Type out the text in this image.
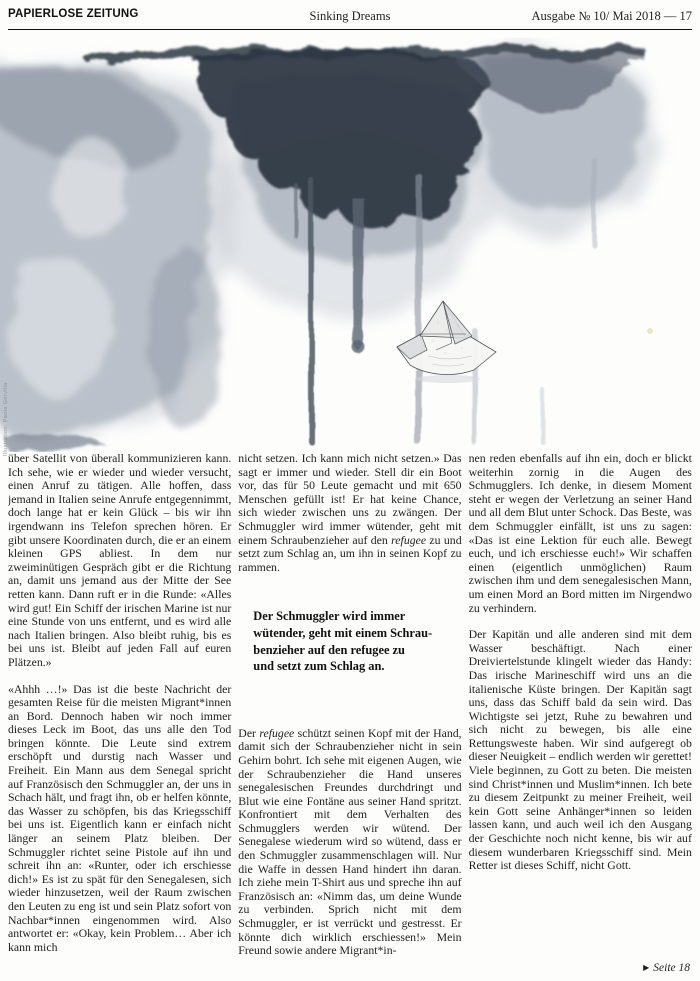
PAPIERLOSE ZEITUNG	Sinking Dreams	Ausgabe № 10/ Mai 2018 — 17
Illustration: Paola Gervilia

über Satellit von überall kommunizieren kann. Ich sehe, wie er wieder und wieder versucht, einen Anruf zu tätigen. Alle hoffen, dass jemand in Italien seine Anrufe entgegennimmt, doch lange hat er kein Glück – bis wir ihn irgendwann ins Telefon sprechen hören. Er gibt unsere Koordinaten durch, die er an einem kleinen GPS abliest. In dem nur zweiminütigen Gespräch gibt er die Richtung an, damit uns jemand aus der Mitte der See retten kann. Dann ruft er in die Runde: «Alles wird gut! Ein Schiff der irischen Marine ist nur eine Stunde von uns entfernt, und es wird alle nach Italien bringen. Also bleibt ruhig, bis es bei uns ist. Bleibt auf jeden Fall auf euren Plätzen.»

«Ahhh …!» Das ist die beste Nachricht der gesamten Reise für die meisten Migrant*innen an Bord. Dennoch haben wir noch immer dieses Leck im Boot, das uns alle den Tod bringen könnte. Die Leute sind extrem erschöpft und durstig nach Wasser und Freiheit. Ein Mann aus dem Senegal spricht auf Französisch den Schmuggler an, der uns in Schach hält, und fragt ihn, ob er helfen könnte, das Wasser zu schöpfen, bis das Kriegsschiff bei uns ist. Eigentlich kann er einfach nicht länger an seinem Platz bleiben. Der Schmuggler richtet seine Pistole auf ihn und schreit ihn an: «Runter, oder ich erschiesse dich!» Es ist zu spät für den Senegalesen, sich wieder hinzusetzen, weil der Raum zwischen den Leuten zu eng ist und sein Platz sofort von Nachbar*innen eingenommen wird. Also antwortet er: «Okay, kein Problem… Aber ich kann mich

nicht setzen. Ich kann mich nicht setzen.» Das sagt er immer und wieder. Stell dir ein Boot vor, das für 50 Leute gemacht und mit 650 Menschen gefüllt ist! Er hat keine Chance, sich wieder zwischen uns zu zwängen. Der Schmuggler wird immer wütender, geht mit einem Schraubenzieher auf den refugee zu und setzt zum Schlag an, um ihn in seinen Kopf zu rammen.

Der Schmuggler wird immer
wütender, geht mit einem Schrau-
benzieher auf den refugee zu
und setzt zum Schlag an.

Der refugee schützt seinen Kopf mit der Hand, damit sich der Schraubenzieher nicht in sein Gehirn bohrt. Ich sehe mit eigenen Augen, wie der Schraubenzieher die Hand unseres senegalesischen Freundes durchdringt und Blut wie eine Fontäne aus seiner Hand spritzt. Konfrontiert mit dem Verhalten des Schmugglers werden wir wütend. Der Senegalese wiederum wird so wütend, dass er den Schmuggler zusammenschlagen will. Nur die Waffe in dessen Hand hindert ihn daran. Ich ziehe mein T-Shirt aus und spreche ihn auf Französisch an: «Nimm das, um deine Wunde zu verbinden. Sprich nicht mit dem Schmuggler, er ist verrückt und gestresst. Er könnte dich wirklich erschiessen!» Mein Freund sowie andere Migrant*in-

nen reden ebenfalls auf ihn ein, doch er blickt weiterhin zornig in die Augen des Schmugglers. Ich denke, in diesem Moment steht er wegen der Verletzung an seiner Hand und all dem Blut unter Schock. Das Beste, was dem Schmuggler einfällt, ist uns zu sagen: «Das ist eine Lektion für euch alle. Bewegt euch, und ich erschiesse euch!» Wir schaffen einen (eigentlich unmöglichen) Raum zwischen ihm und dem senegalesischen Mann, um einen Mord an Bord mitten im Nirgendwo zu verhindern.

Der Kapitän und alle anderen sind mit dem Wasser beschäftigt. Nach einer Dreiviertelstunde klingelt wieder das Handy: Das irische Marineschiff wird uns an die italienische Küste bringen. Der Kapitän sagt uns, dass das Schiff bald da sein wird. Das Wichtigste sei jetzt, Ruhe zu bewahren und sich nicht zu bewegen, bis alle eine Rettungsweste haben. Wir sind aufgeregt ob dieser Neuigkeit – endlich werden wir gerettet! Viele beginnen, zu Gott zu beten. Die meisten sind Christ*innen und Muslim*innen. Ich bete zu diesem Zeitpunkt zu meiner Freiheit, weil kein Gott seine Anhänger*innen so leiden lassen kann, und auch weil ich den Ausgang der Geschichte noch nicht kenne, bis wir auf diesem wunderbaren Kriegsschiff sind. Mein Retter ist dieses Schiff, nicht Gott.

▶ Seite 18
